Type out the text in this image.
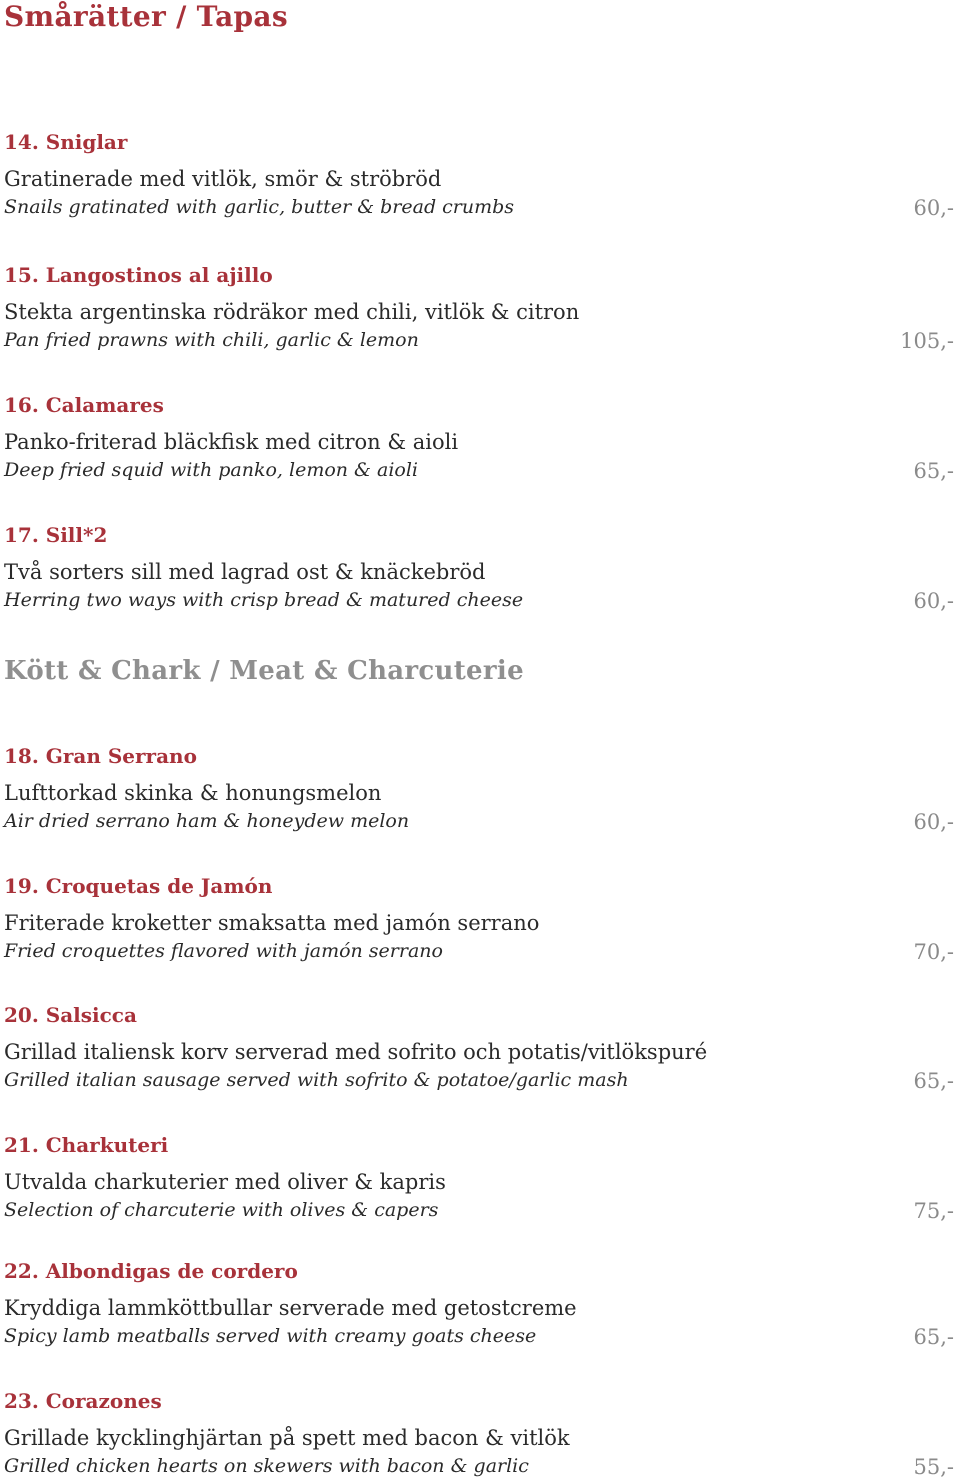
Smårätter / Tapas
14. Sniglar
Gratinerade med vitlök, smör & ströbröd
Snails gratinated with garlic, butter & bread crumbs	60,-
15. Langostinos al ajillo
Stekta argentinska rödräkor med chili, vitlök & citron
Pan fried prawns with chili, garlic & lemon	105,-
16. Calamares
Panko-friterad bläckfisk med citron & aioli
Deep fried squid with panko, lemon & aioli	65,-
17. Sill*2
Två sorters sill med lagrad ost & knäckebröd
Herring two ways with crisp bread & matured cheese	60,-
Kött & Chark / Meat & Charcuterie
18. Gran Serrano
Lufttorkad skinka & honungsmelon
Air dried serrano ham & honeydew melon	60,-
19. Croquetas de Jamón
Friterade kroketter smaksatta med jamón serrano
Fried croquettes flavored with jamón serrano	70,-
20. Salsicca
Grillad italiensk korv serverad med sofrito och potatis/vitlökspuré
Grilled italian sausage served with sofrito & potatoe/garlic mash	65,-
21. Charkuteri
Utvalda charkuterier med oliver & kapris
Selection of charcuterie with olives & capers	75,-
22. Albondigas de cordero
Kryddiga lammköttbullar serverade med getostcreme
Spicy lamb meatballs served with creamy goats cheese	65,-
23. Corazones
Grillade kycklinghjärtan på spett med bacon & vitlök
Grilled chicken hearts on skewers with bacon & garlic	55,-
